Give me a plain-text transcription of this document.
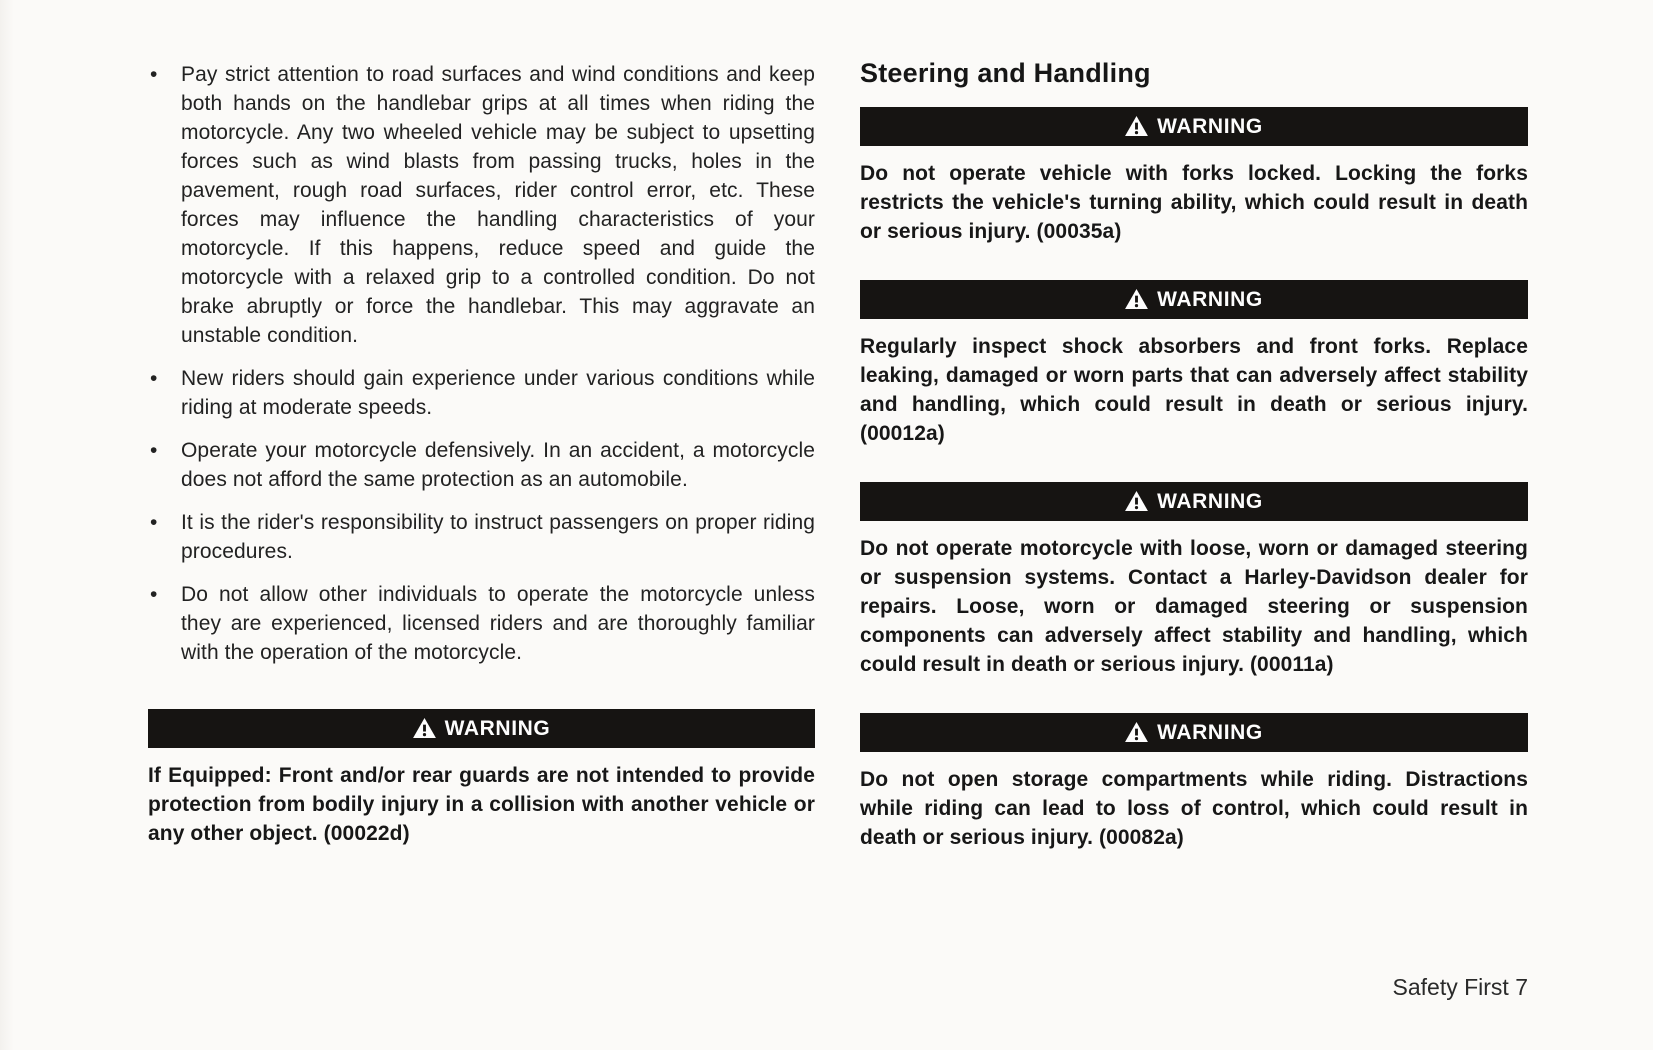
• Pay strict attention to road surfaces and wind conditions and keep both hands on the handlebar grips at all times when riding the motorcycle. Any two wheeled vehicle may be subject to upsetting forces such as wind blasts from passing trucks, holes in the pavement, rough road surfaces, rider control error, etc. These forces may influence the handling characteristics of your motorcycle. If this happens, reduce speed and guide the motorcycle with a relaxed grip to a controlled condition. Do not brake abruptly or force the handlebar. This may aggravate an unstable condition.
• New riders should gain experience under various conditions while riding at moderate speeds.
• Operate your motorcycle defensively. In an accident, a motorcycle does not afford the same protection as an automobile.
• It is the rider's responsibility to instruct passengers on proper riding procedures.
• Do not allow other individuals to operate the motorcycle unless they are experienced, licensed riders and are thoroughly familiar with the operation of the motorcycle.
WARNING

If Equipped: Front and/or rear guards are not intended to provide protection from bodily injury in a collision with another vehicle or any other object. (00022d)

Steering and Handling
WARNING

Do not operate vehicle with forks locked. Locking the forks restricts the vehicle's turning ability, which could result in death or serious injury. (00035a)

WARNING

Regularly inspect shock absorbers and front forks. Replace leaking, damaged or worn parts that can adversely affect stability and handling, which could result in death or serious injury. (00012a)

WARNING

Do not operate motorcycle with loose, worn or damaged steering or suspension systems. Contact a Harley-Davidson dealer for repairs. Loose, worn or damaged steering or suspension components can adversely affect stability and handling, which could result in death or serious injury. (00011a)

WARNING

Do not open storage compartments while riding. Distractions while riding can lead to loss of control, which could result in death or serious injury. (00082a)

Safety First 7
